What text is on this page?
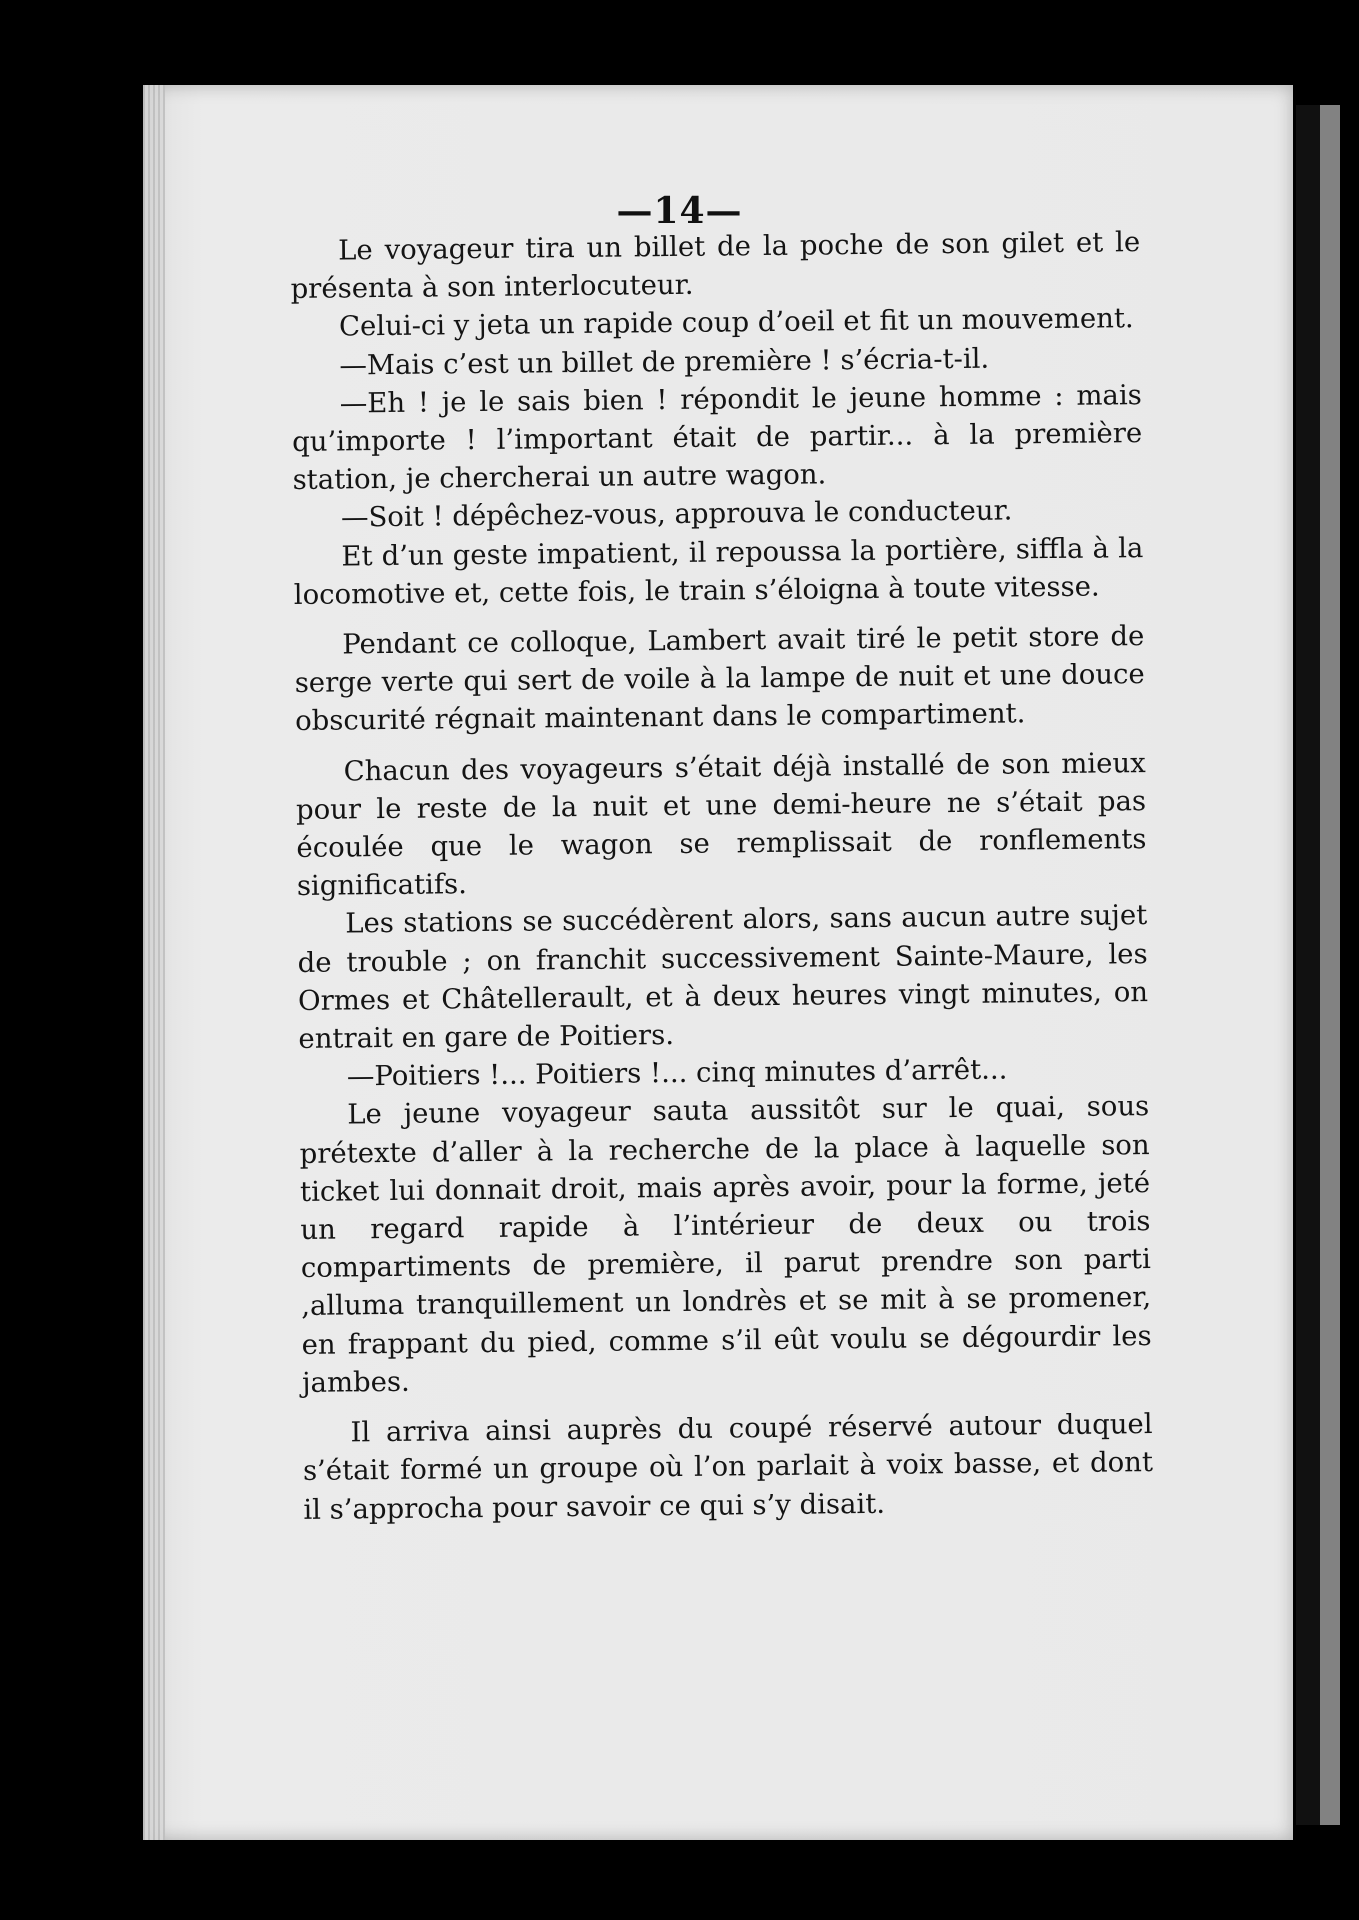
—14—

Le voyageur tira un billet de la poche de son gilet et le présenta à son interlocuteur.

Celui-ci y jeta un rapide coup d’oeil et fit un mouvement.

—Mais c’est un billet de première ! s’écria-t-il.

—Eh ! je le sais bien ! répondit le jeune homme : mais qu’importe ! l’important était de partir... à la première station, je chercherai un autre wagon.

—Soit ! dépêchez-vous, approuva le conducteur.

Et d’un geste impatient, il repoussa la portière, siffla à la locomotive et, cette fois, le train s’éloigna à toute vitesse.

Pendant ce colloque, Lambert avait tiré le petit store de serge verte qui sert de voile à la lampe de nuit et une douce obscurité régnait maintenant dans le compartiment.

Chacun des voyageurs s’était déjà installé de son mieux pour le reste de la nuit et une demi-heure ne s’était pas écoulée que le wagon se remplissait de ronflements significatifs.

Les stations se succédèrent alors, sans aucun autre sujet de trouble ; on franchit successivement Sainte-Maure, les Ormes et Châtellerault, et à deux heures vingt minutes, on entrait en gare de Poitiers.

—Poitiers !... Poitiers !... cinq minutes d’arrêt...

Le jeune voyageur sauta aussitôt sur le quai, sous prétexte d’aller à la recherche de la place à laquelle son ticket lui donnait droit, mais après avoir, pour la forme, jeté un regard rapide à l’intérieur de deux ou trois compartiments de première, il parut prendre son parti ,alluma tranquillement un londrès et se mit à se promener, en frappant du pied, comme s’il eût voulu se dégourdir les jambes.

Il arriva ainsi auprès du coupé réservé autour duquel s’était formé un groupe où l’on parlait à voix basse, et dont il s’approcha pour savoir ce qui s’y disait.
